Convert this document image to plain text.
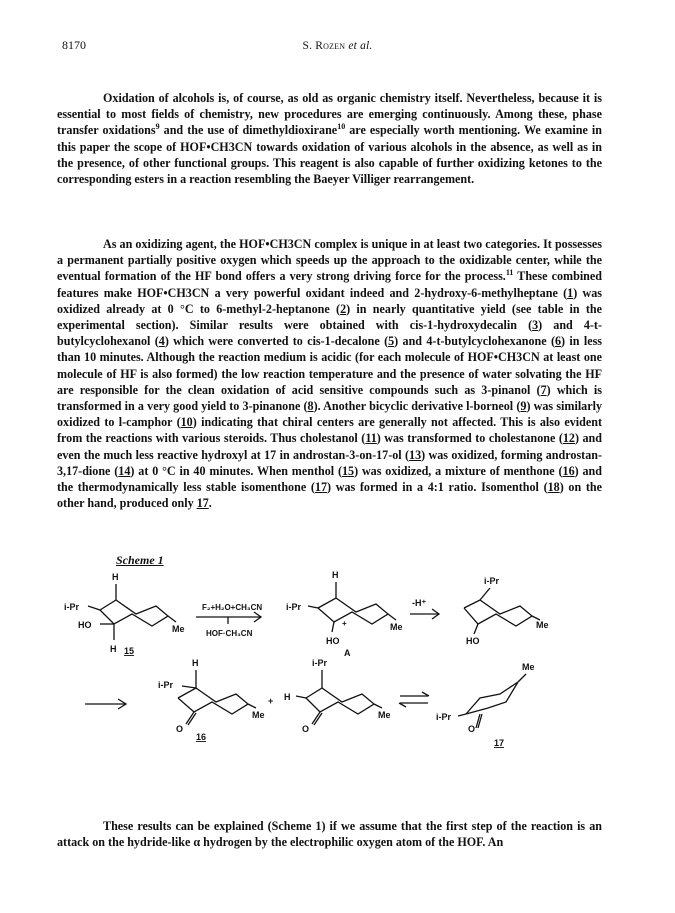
8170	S. Rozen et al.

Oxidation of alcohols is, of course, as old as organic chemistry itself. Nevertheless, because it is essential to most fields of chemistry, new procedures are emerging continuously. Among these, phase transfer oxidations$^9$ and the use of dimethyldioxirane$^{10}$ are especially worth mentioning. We examine in this paper the scope of HOF•CH3CN towards oxidation of various alcohols in the absence, as well as in the presence, of other functional groups. This reagent is also capable of further oxidizing ketones to the corresponding esters in a reaction resembling the Baeyer Villiger rearrangement.

As an oxidizing agent, the HOF•CH3CN complex is unique in at least two categories. It possesses a permanent partially positive oxygen which speeds up the approach to the oxidizable center, while the eventual formation of the HF bond offers a very strong driving force for the process.$^{11}$ These combined features make HOF•CH3CN a very powerful oxidant indeed and 2-hydroxy-6-methylheptane (1) was oxidized already at 0 °C to 6-methyl-2-heptanone (2) in nearly quantitative yield (see table in the experimental section). Similar results were obtained with cis-1-hydroxydecalin (3) and 4-t-butylcyclohexanol (4) which were converted to cis-1-decalone (5) and 4-t-butylcyclohexanone (6) in less than 10 minutes. Although the reaction medium is acidic (for each molecule of HOF•CH3CN at least one molecule of HF is also formed) the low reaction temperature and the presence of water solvating the HF are responsible for the clean oxidation of acid sensitive compounds such as 3-pinanol (7) which is transformed in a very good yield to 3-pinanone (8). Another bicyclic derivative l-borneol (9) was similarly oxidized to l-camphor (10) indicating that chiral centers are generally not affected. This is also evident from the reactions with various steroids. Thus cholestanol (11) was transformed to cholestanone (12) and even the much less reactive hydroxyl at 17 in androstan-3-on-17-ol (13) was oxidized, forming androstan-3,17-dione (14) at 0 °C in 40 minutes. When menthol (15) was oxidized, a mixture of menthone (16) and the thermodynamically less stable isomenthone (17) was formed in a 4:1 ratio. Isomenthol (18) on the other hand, produced only 17.

Scheme 1
H
i-Pr
HO	Me
H 15
F₂+H₂O+CH₃CN
HOF·CH₃CN
H
i-Pr
HO
+	Me
A
-H⁺
i-Pr
Me
HO
H
i-Pr
Me
O
16
+
i-Pr
H
Me
O
Me
i-Pr
O
17

These results can be explained (Scheme 1) if we assume that the first step of the reaction is an attack on the hydride-like α hydrogen by the electrophilic oxygen atom of the HOF. An
